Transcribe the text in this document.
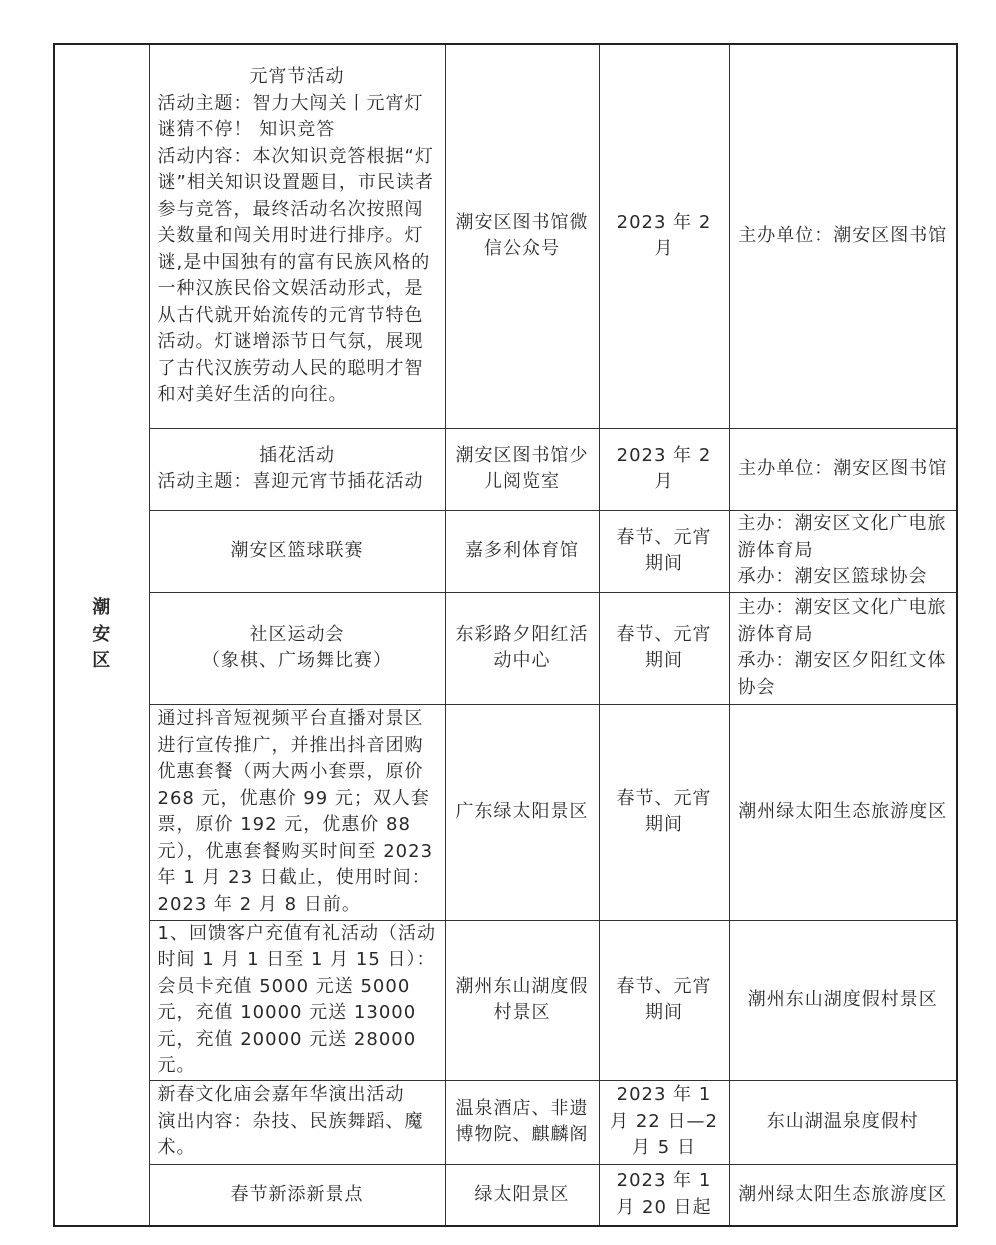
潮
安
区	元宵节活动
活动主题：智力大闯关丨元宵灯谜猜不停！ 知识竞答
活动内容：本次知识竞答根据“灯谜”相关知识设置题目，市民读者参与竞答，最终活动名次按照闯关数量和闯关用时进行排序。灯谜,是中国独有的富有民族风格的一种汉族民俗文娱活动形式，是从古代就开始流传的元宵节特色活动。灯谜增添节日气氛，展现了古代汉族劳动人民的聪明才智和对美好生活的向往。	潮安区图书馆微信公众号	2023 年 2 月	主办单位：潮安区图书馆

	插花活动
活动主题：喜迎元宵节插花活动	潮安区图书馆少儿阅览室	2023 年 2 月	主办单位：潮安区图书馆

	潮安区篮球联赛	嘉多利体育馆	春节、元宵期间	主办：潮安区文化广电旅游体育局
承办：潮安区篮球协会

	社区运动会
（象棋、广场舞比赛）	东彩路夕阳红活动中心	春节、元宵期间	主办：潮安区文化广电旅游体育局
承办：潮安区夕阳红文体协会

	通过抖音短视频平台直播对景区进行宣传推广，并推出抖音团购优惠套餐（两大两小套票，原价 268 元，优惠价 99 元；双人套票，原价 192 元，优惠价 88 元），优惠套餐购买时间至 2023 年 1 月 23 日截止，使用时间：2023 年 2 月 8 日前。	广东绿太阳景区	春节、元宵期间	潮州绿太阳生态旅游度区

	1、回馈客户充值有礼活动（活动时间 1 月 1 日至 1 月 15 日）：会员卡充值 5000 元送 5000 元，充值 10000 元送 13000 元，充值 20000 元送 28000 元。	潮州东山湖度假村景区	春节、元宵期间	潮州东山湖度假村景区

	新春文化庙会嘉年华演出活动
演出内容：杂技、民族舞蹈、魔术。	温泉酒店、非遗博物院、麒麟阁	2023 年 1 月 22 日—2 月 5 日	东山湖温泉度假村

	春节新添新景点	绿太阳景区	2023 年 1 月 20 日起	潮州绿太阳生态旅游度区
